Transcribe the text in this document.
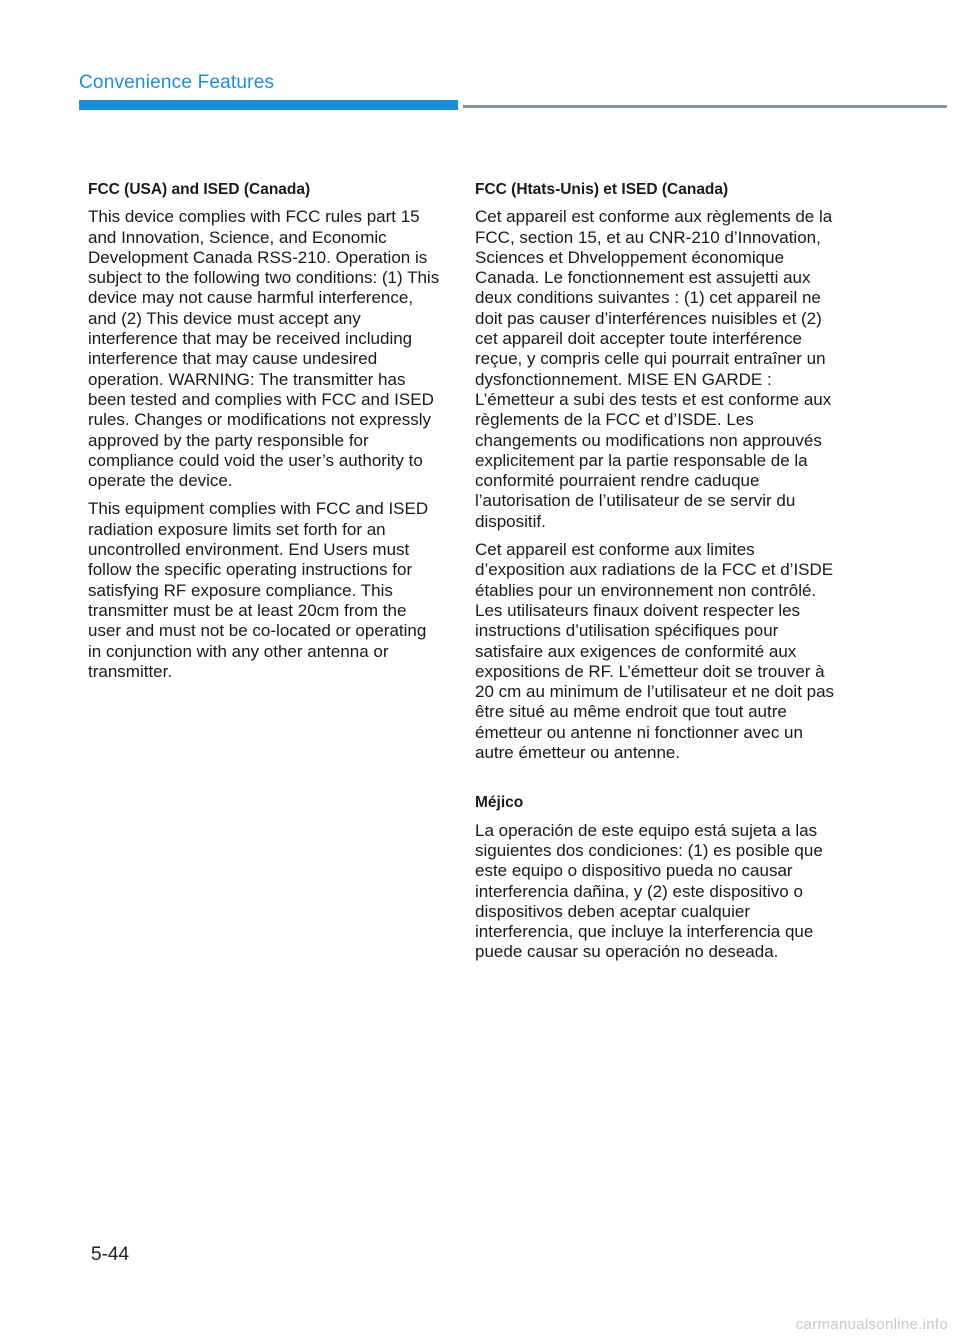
Convenience Features

FCC (USA) and ISED (Canada)

This device complies with FCC rules part 15 and Innovation, Science, and Economic Development Canada RSS-210. Operation is subject to the following two conditions: (1) This device may not cause harmful interference, and (2) This device must accept any interference that may be received including interference that may cause undesired operation. WARNING: The transmitter has been tested and complies with FCC and ISED rules. Changes or modifications not expressly approved by the party responsible for compliance could void the user’s authority to operate the device.

This equipment complies with FCC and ISED radiation exposure limits set forth for an uncontrolled environment. End Users must follow the specific operating instructions for satisfying RF exposure compliance. This transmitter must be at least 20cm from the user and must not be co-located or operating in conjunction with any other antenna or transmitter.

FCC (Htats-Unis) et ISED (Canada)

Cet appareil est conforme aux règlements de la FCC, section 15, et au CNR-210 d’Innovation, Sciences et Dhveloppement économique Canada. Le fonctionnement est assujetti aux deux conditions suivantes : (1) cet appareil ne doit pas causer d’interférences nuisibles et (2) cet appareil doit accepter toute interférence reçue, y compris celle qui pourrait entraîner un dysfonctionnement. MISE EN GARDE : L’émetteur a subi des tests et est conforme aux règlements de la FCC et d’ISDE. Les changements ou modifications non approuvés explicitement par la partie responsable de la conformité pourraient rendre caduque l’autorisation de l’utilisateur de se servir du dispositif.

Cet appareil est conforme aux limites d’exposition aux radiations de la FCC et d’ISDE établies pour un environnement non contrôlé. Les utilisateurs finaux doivent respecter les instructions d’utilisation spécifiques pour satisfaire aux exigences de conformité aux expositions de RF. L’émetteur doit se trouver à 20 cm au minimum de l’utilisateur et ne doit pas être situé au même endroit que tout autre émetteur ou antenne ni fonctionner avec un autre émetteur ou antenne.

Méjico

La operación de este equipo está sujeta a las siguientes dos condiciones: (1) es posible que este equipo o dispositivo pueda no causar interferencia dañina, y (2) este dispositivo o dispositivos deben aceptar cualquier interferencia, que incluye la interferencia que puede causar su operación no deseada.

5-44
carmanualsonline.info
